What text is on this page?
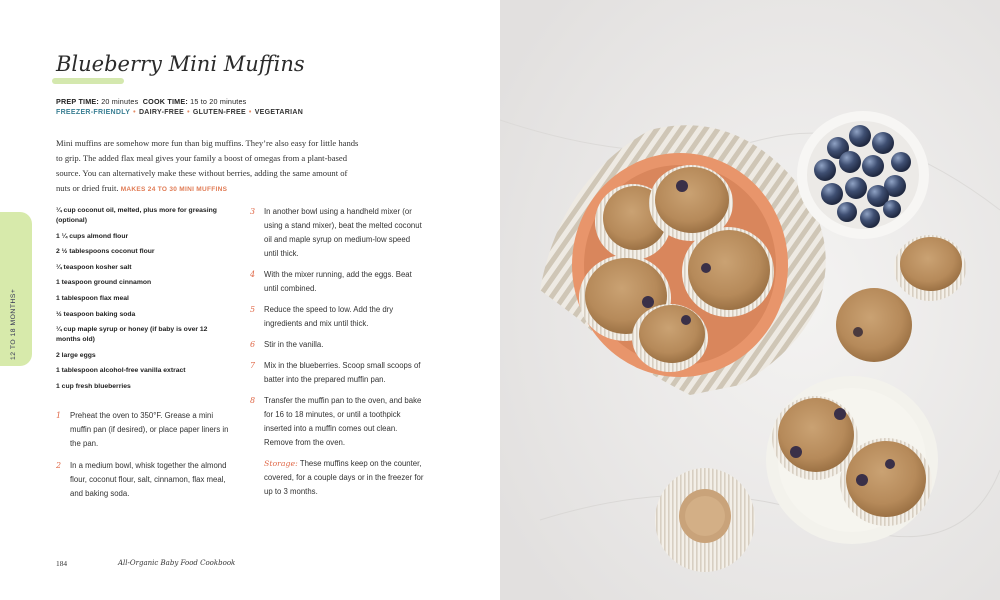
Blueberry Mini Muffins
PREP TIME: 20 minutes COOK TIME: 15 to 20 minutes
FREEZER-FRIENDLY • DAIRY-FREE • GLUTEN-FREE • VEGETARIAN
Mini muffins are somehow more fun than big muffins. They’re also easy for little hands to grip. The added flax meal gives your family a boost of omegas from a plant-based source. You can alternatively make these without berries, adding the same amount of nuts or dried fruit. MAKES 24 TO 30 MINI MUFFINS
12 TO 18 MONTHS+
¼ cup coconut oil, melted, plus more for greasing (optional)
1 ¼ cups almond flour
2 ½ tablespoons coconut flour
¼ teaspoon kosher salt
1 teaspoon ground cinnamon
1 tablespoon flax meal
½ teaspoon baking soda
¼ cup maple syrup or honey (if baby is over 12 months old)
2 large eggs
1 tablespoon alcohol-free vanilla extract
1 cup fresh blueberries
1 Preheat the oven to 350°F. Grease a mini muffin pan (if desired), or place paper liners in the pan.
2 In a medium bowl, whisk together the almond flour, coconut flour, salt, cinnamon, flax meal, and baking soda.
3 In another bowl using a handheld mixer (or using a stand mixer), beat the melted coconut oil and maple syrup on medium-low speed until thick.
4 With the mixer running, add the eggs. Beat until combined.
5 Reduce the speed to low. Add the dry ingredients and mix until thick.
6 Stir in the vanilla.
7 Mix in the blueberries. Scoop small scoops of batter into the prepared muffin pan.
8 Transfer the muffin pan to the oven, and bake for 16 to 18 minutes, or until a toothpick inserted into a muffin comes out clean. Remove from the oven.
Storage: These muffins keep on the counter, covered, for a couple days or in the freezer for up to 3 months.
184	All-Organic Baby Food Cookbook
